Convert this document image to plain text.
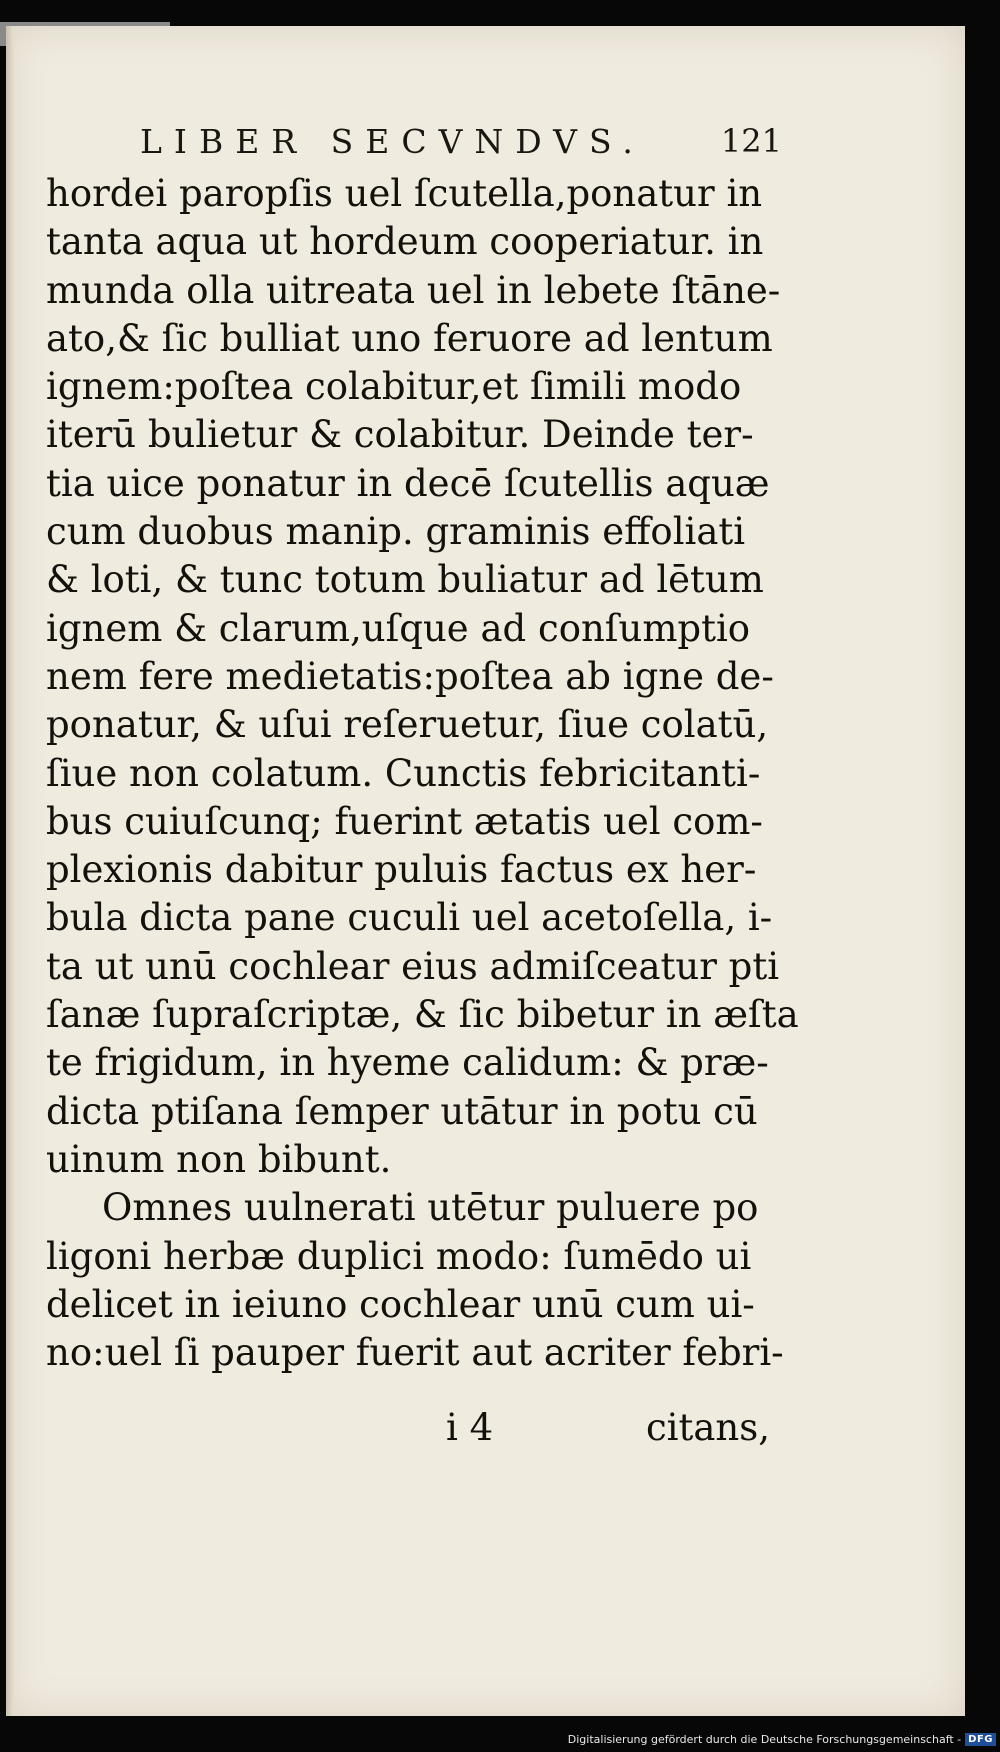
LIBER SECVNDVS. 121
hordei paropſis uel ſcutella,ponatur in
tanta aqua ut hordeum cooperiatur. in
munda olla uitreata uel in lebete ſtāne-
ato,& ſic bulliat uno feruore ad lentum
ignem:poſtea colabitur,et ſimili modo
iterū bulietur & colabitur. Deinde ter-
tia uice ponatur in decē ſcutellis aquæ
cum duobus manip. graminis effoliati
& loti, & tunc totum buliatur ad lētum
ignem & clarum,uſque ad conſumptio
nem fere medietatis:poſtea ab igne de-
ponatur, & uſui reſeruetur, ſiue colatū,
ſiue non colatum. Cunctis febricitanti-
bus cuiuſcunq; fuerint ætatis uel com-
plexionis dabitur puluis factus ex her-
bula dicta pane cuculi uel acetoſella, i-
ta ut unū cochlear eius admiſceatur pti
ſanæ ſupraſcriptæ, & ſic bibetur in æſta
te frigidum, in hyeme calidum: & præ-
dicta ptiſana ſemper utātur in potu cū
uinum non bibunt.
Omnes uulnerati utētur puluere po
ligoni herbæ duplici modo: ſumēdo ui
delicet in ieiuno cochlear unū cum ui-
no:uel ſi pauper fuerit aut acriter febri-
i 4	citans,
Digitalisierung gefördert durch die Deutsche Forschungsgemeinschaft - DFG
